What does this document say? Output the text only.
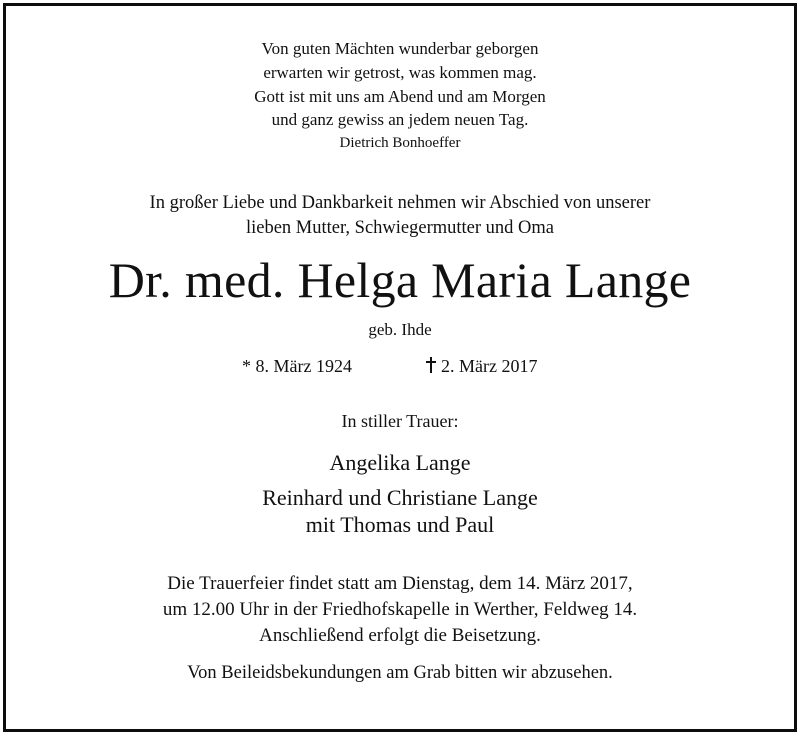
Von guten Mächten wunderbar geborgen
erwarten wir getrost, was kommen mag.
Gott ist mit uns am Abend und am Morgen
und ganz gewiss an jedem neuen Tag.
Dietrich Bonhoeffer
In großer Liebe und Dankbarkeit nehmen wir Abschied von unserer
lieben Mutter, Schwiegermutter und Oma
Dr. med. Helga Maria Lange
geb. Ihde
* 8. März 1924	2. März 2017
In stiller Trauer:
Angelika Lange
Reinhard und Christiane Lange
mit Thomas und Paul
Die Trauerfeier findet statt am Dienstag, dem 14. März 2017,
um 12.00 Uhr in der Friedhofskapelle in Werther, Feldweg 14.
Anschließend erfolgt die Beisetzung.
Von Beileidsbekundungen am Grab bitten wir abzusehen.
